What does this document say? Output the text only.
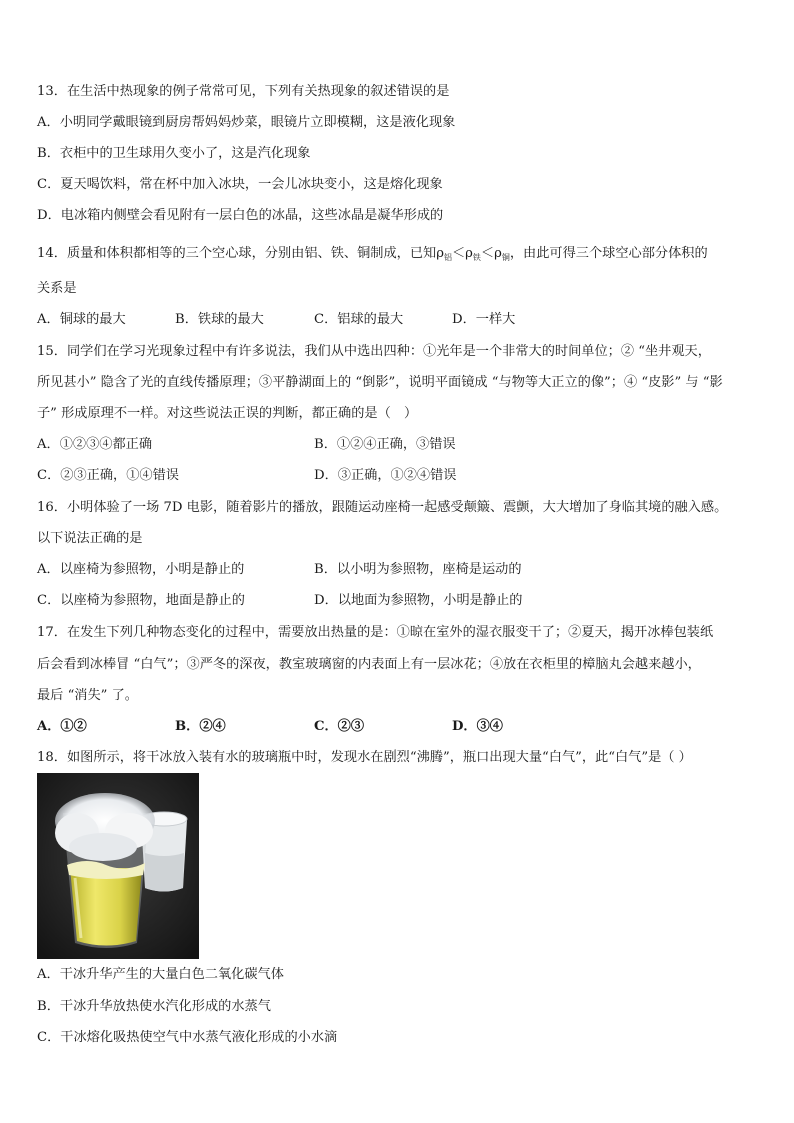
13．在生活中热现象的例子常常可见，下列有关热现象的叙述错误的是
A．小明同学戴眼镜到厨房帮妈妈炒菜，眼镜片立即模糊，这是液化现象
B．衣柜中的卫生球用久变小了，这是汽化现象
C．夏天喝饮料，常在杯中加入冰块，一会儿冰块变小，这是熔化现象
D．电冰箱内侧壁会看见附有一层白色的冰晶，这些冰晶是凝华形成的
14．质量和体积都相等的三个空心球，分别由铝、铁、铜制成，已知$\rho_铝<\rho_铁<\rho_铜$，由此可得三个球空心部分体积的
关系是
A．铜球的最大	B．铁球的最大	C．铝球的最大	D．一样大
15．同学们在学习光现象过程中有许多说法，我们从中选出四种：①光年是一个非常大的时间单位；② “坐井观天，
所见甚小” 隐含了光的直线传播原理；③平静湖面上的 “倒影”，说明平面镜成 “与物等大正立的像”；④ “皮影” 与 “影
子” 形成原理不一样。对这些说法正误的判断，都正确的是（　）
A．①②③④都正确	B．①②④正确，③错误
C．②③正确，①④错误	D．③正确，①②④错误
16．小明体验了一场 7D 电影，随着影片的播放，跟随运动座椅一起感受颠簸、震颤，大大增加了身临其境的融入感。
以下说法正确的是
A．以座椅为参照物，小明是静止的	B．以小明为参照物，座椅是运动的
C．以座椅为参照物，地面是静止的	D．以地面为参照物，小明是静止的
17．在发生下列几种物态变化的过程中，需要放出热量的是：①晾在室外的湿衣服变干了；②夏天，揭开冰棒包装纸
后会看到冰棒冒 “白气”；③严冬的深夜，教室玻璃窗的内表面上有一层冰花；④放在衣柜里的樟脑丸会越来越小，
最后 “消失” 了。
A．①②	B．②④	C．②③	D．③④
18．如图所示，将干冰放入装有水的玻璃瓶中时，发现水在剧烈“沸腾”，瓶口出现大量“白气”，此“白气”是（ ）
A．干冰升华产生的大量白色二氧化碳气体
B．干冰升华放热使水汽化形成的水蒸气
C．干冰熔化吸热使空气中水蒸气液化形成的小水滴
